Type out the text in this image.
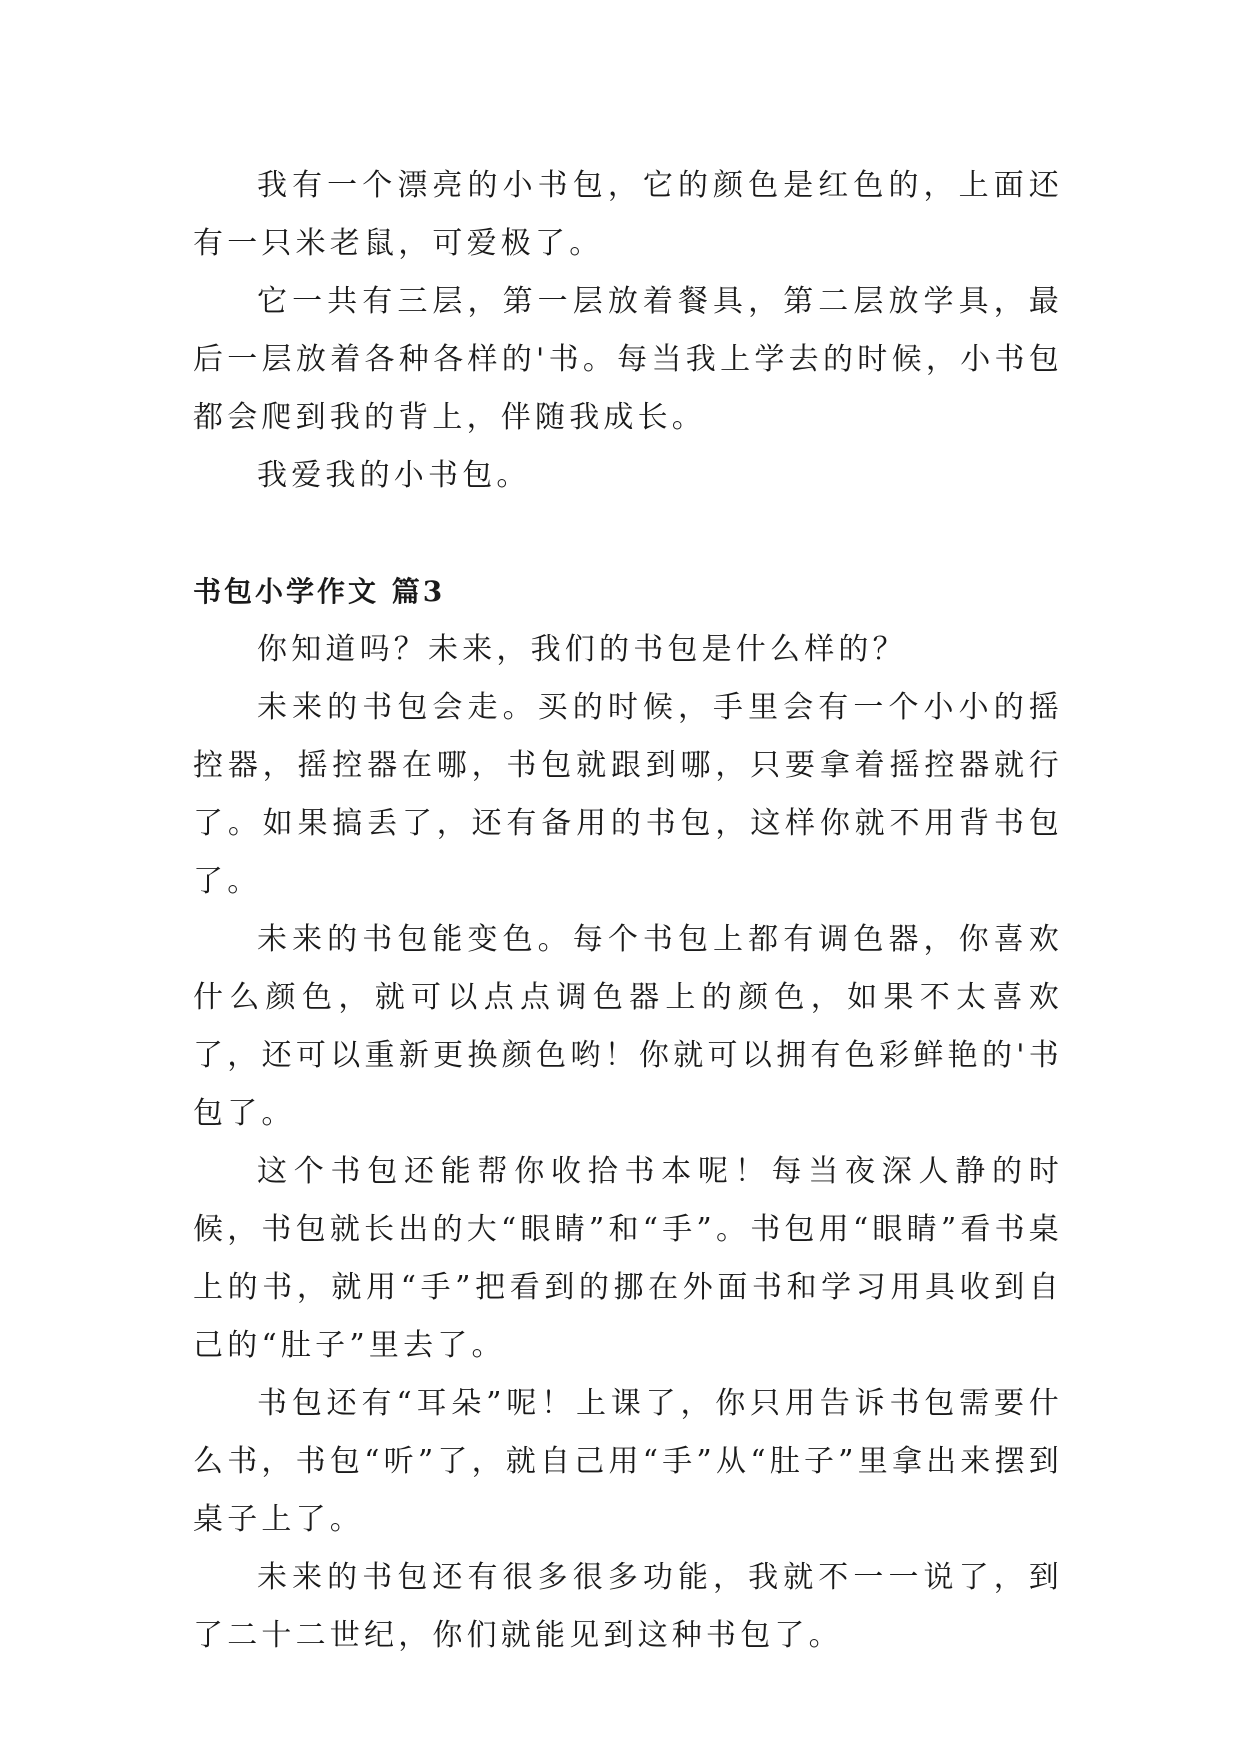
我有一个漂亮的小书包，它的颜色是红色的，上面还有一只米老鼠，可爱极了。

它一共有三层，第一层放着餐具，第二层放学具，最后一层放着各种各样的'书。每当我上学去的时候，小书包都会爬到我的背上，伴随我成长。

我爱我的小书包。

书包小学作文 篇3

你知道吗？未来，我们的书包是什么样的？

未来的书包会走。买的时候，手里会有一个小小的摇控器，摇控器在哪，书包就跟到哪，只要拿着摇控器就行了。如果搞丢了，还有备用的书包，这样你就不用背书包了。

未来的书包能变色。每个书包上都有调色器，你喜欢什么颜色，就可以点点调色器上的颜色，如果不太喜欢了，还可以重新更换颜色哟！你就可以拥有色彩鲜艳的'书包了。

这个书包还能帮你收拾书本呢！每当夜深人静的时候，书包就长出的大“眼睛”和“手”。书包用“眼睛”看书桌上的书，就用“手”把看到的挪在外面书和学习用具收到自己的“肚子”里去了。

书包还有“耳朵”呢！上课了，你只用告诉书包需要什么书，书包“听”了，就自己用“手”从“肚子”里拿出来摆到桌子上了。

未来的书包还有很多很多功能，我就不一一说了，到了二十二世纪，你们就能见到这种书包了。
